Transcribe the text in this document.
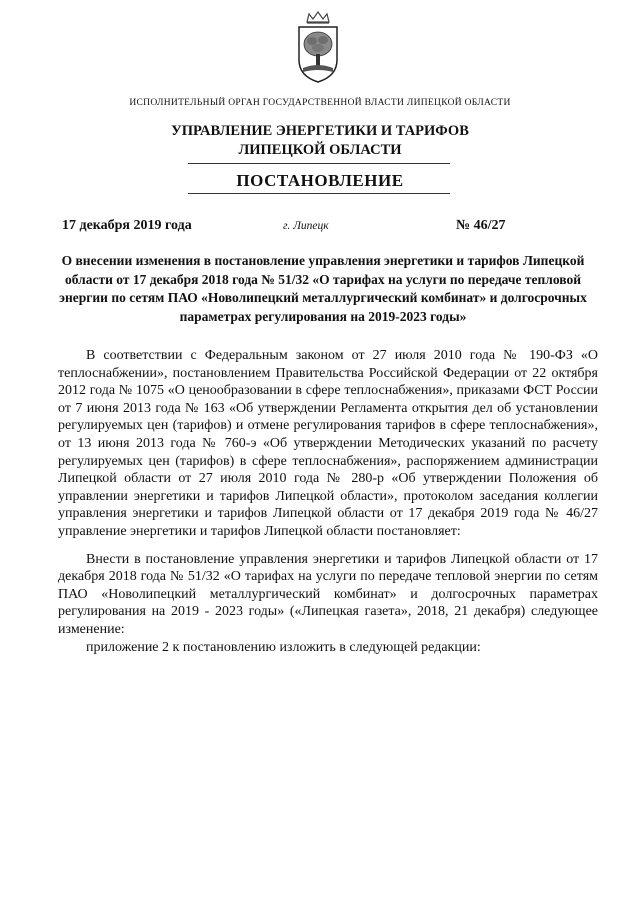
ИСПОЛНИТЕЛЬНЫЙ ОРГАН ГОСУДАРСТВЕННОЙ ВЛАСТИ ЛИПЕЦКОЙ ОБЛАСТИ
УПРАВЛЕНИЕ ЭНЕРГЕТИКИ И ТАРИФОВ
ЛИПЕЦКОЙ ОБЛАСТИ
ПОСТАНОВЛЕНИЕ
17 декабря 2019 года	г. Липецк	№ 46/27
О внесении изменения в постановление управления энергетики и тарифов Липецкой области от 17 декабря 2018 года № 51/32 «О тарифах на услуги по передаче тепловой энергии по сетям ПАО «Новолипецкий металлургический комбинат» и долгосрочных параметрах регулирования на 2019-2023 годы»

В соответствии с Федеральным законом от 27 июля 2010 года № 190-ФЗ «О теплоснабжении», постановлением Правительства Российской Федерации от 22 октября 2012 года № 1075 «О ценообразовании в сфере теплоснабжения», приказами ФСТ России от 7 июня 2013 года № 163 «Об утверждении Регламента открытия дел об установлении регулируемых цен (тарифов) и отмене регулирования тарифов в сфере теплоснабжения», от 13 июня 2013 года № 760-э «Об утверждении Методических указаний по расчету регулируемых цен (тарифов) в сфере теплоснабжения», распоряжением администрации Липецкой области от 27 июля 2010 года № 280-р «Об утверждении Положения об управлении энергетики и тарифов Липецкой области», протоколом заседания коллегии управления энергетики и тарифов Липецкой области от 17 декабря 2019 года № 46/27 управление энергетики и тарифов Липецкой области постановляет:

Внести в постановление управления энергетики и тарифов Липецкой области от 17 декабря 2018 года № 51/32 «О тарифах на услуги по передаче тепловой энергии по сетям ПАО «Новолипецкий металлургический комбинат» и долгосрочных параметрах регулирования на 2019 - 2023 годы» («Липецкая газета», 2018, 21 декабря) следующее изменение:

приложение 2 к постановлению изложить в следующей редакции:
